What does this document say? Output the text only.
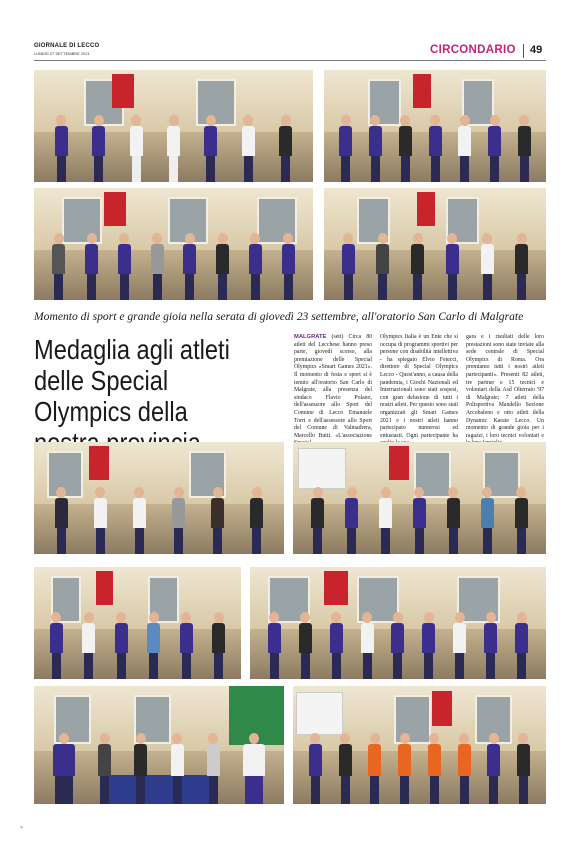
GIORNALE DI LECCO
LUNEDÌ 27 SETTEMBRE 2021	CIRCONDARIO 49
Momento di sport e grande gioia nella serata di giovedì 23 settembre, all'oratorio San Carlo di Malgrate
Medaglia agli atleti delle Special Olympics della
MALGRATE (sett) Circa 80 atleti del Lecchese hanno preso parte, giovedì scorso, alla premiazione delle Special Olympics «Smart Games 2021». Il momento di festa e sport si è tenuto all'oratorio San Carlo di Malgrate, alla presenza del sindaco Flavio Polano, dell'assessore allo Sport del Comune di Lecco Emanuele Torri e dell'assessore allo Sport del Comune di Valmadrera, Marcello Butti. «L'associazione
Olympics Italia è un Ente che si occupa di programmi sportivi per persone con disabilità intellettiva - ha spiegato Elvio Fetecci, direttore di Special Olympics Lecco - Quest'anno, a causa della pandemia, i Giochi Nazionali ed Internazionali sono stati sospesi, con gran delusione di tutti i nostri atleti. Per questo sono stati organizzati gli Smart Games 2021 e i nostri atleti hanno partecipato numerosi ed entusiasti. Ogni partecipante ha
gara e i risultati delle loro prestazioni sono state inviate alla sede centrale di Special Olympics di Roma. Ora premiamo tutti i nostri atleti partecipanti». Presenti 82 atleti, tre partner e 15 tecnici e volontari della Asd Olterrato '97 di Malgrate; 7 atleti della Polisportiva Mandello Sezione Arcobaleno e otto atleti della Dynamic Karate Lecco. Un momento di grande gioia per i ragazzi, i loro tecnici volontari e
*
